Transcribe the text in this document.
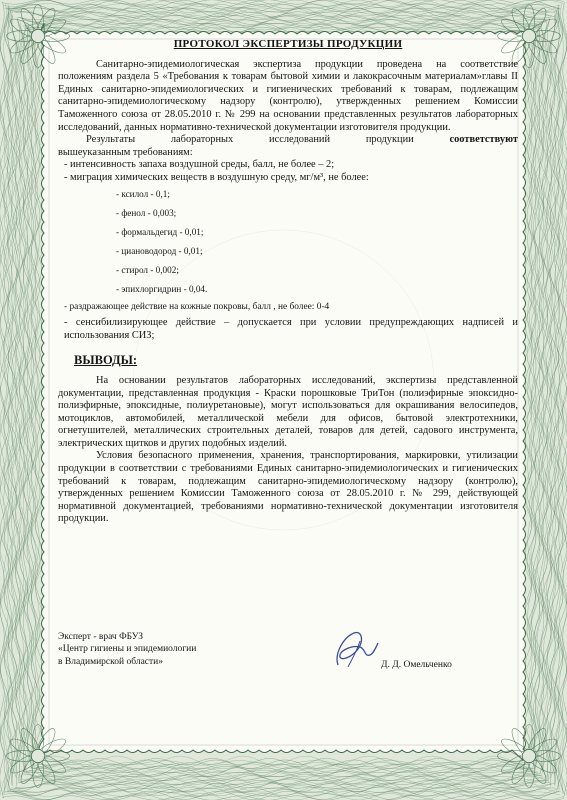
ПРОТОКОЛ ЭКСПЕРТИЗЫ ПРОДУКЦИИ

Санитарно-эпидемиологическая экспертиза продукции проведена на соответствие положениям раздела 5 «Требования к товарам бытовой химии и лакокрасочным материалам»главы II Единых санитарно-эпидемиологических и гигиенических требований к товарам, подлежащим санитарно-эпидемиологическому надзору (контролю), утвержденных решением Комиссии Таможенного союза от 28.05.2010 г. № 299 на основании представленных результатов лабораторных исследований, данных нормативно-технической документации изготовителя продукции.

Результаты	лабораторных	исследований	продукции	соответствуют

вышеуказанным требованиям:

- интенсивность запаха воздушной среды, балл, не более – 2;

- миграция химических веществ в воздушную среду, мг/м³, не более:

- ксилол - 0,1;

- фенол - 0,003;

- формальдегид - 0,01;

- циановодород - 0,01;

- стирол - 0,002;

- эпихлоргидрин - 0,04.

- раздражающее действие на кожные покровы, балл , не более: 0-4

- сенсибилизирующее действие – допускается при условии предупреждающих надписей и использования СИЗ;

ВЫВОДЫ:

На основании результатов лабораторных исследований, экспертизы представленной документации, представленная продукция - Краски порошковые ТриТон (полиэфирные эпоксидно-полиэфирные, эпоксидные, полиуретановые), могут использоваться для окрашивания велосипедов, мотоциклов, автомобилей, металлической мебели для офисов, бытовой электротехники, огнетушителей, металлических строительных деталей, товаров для детей, садового инструмента, электрических щитков и других подобных изделий.

Условия безопасного применения, хранения, транспортирования, маркировки, утилизации продукции в соответствии с требованиями Единых санитарно-эпидемиологических и гигиенических требований к товарам, подлежащим санитарно-эпидемиологическому надзору (контролю), утвержденных решением Комиссии Таможенного союза от 28.05.2010 г. № 299, действующей нормативной документацией, требованиями нормативно-технической документации изготовителя продукции.

Эксперт - врач ФБУЗ
«Центр гигиены и эпидемиологии
в Владимирской области»	Д. Д. Омельченко
